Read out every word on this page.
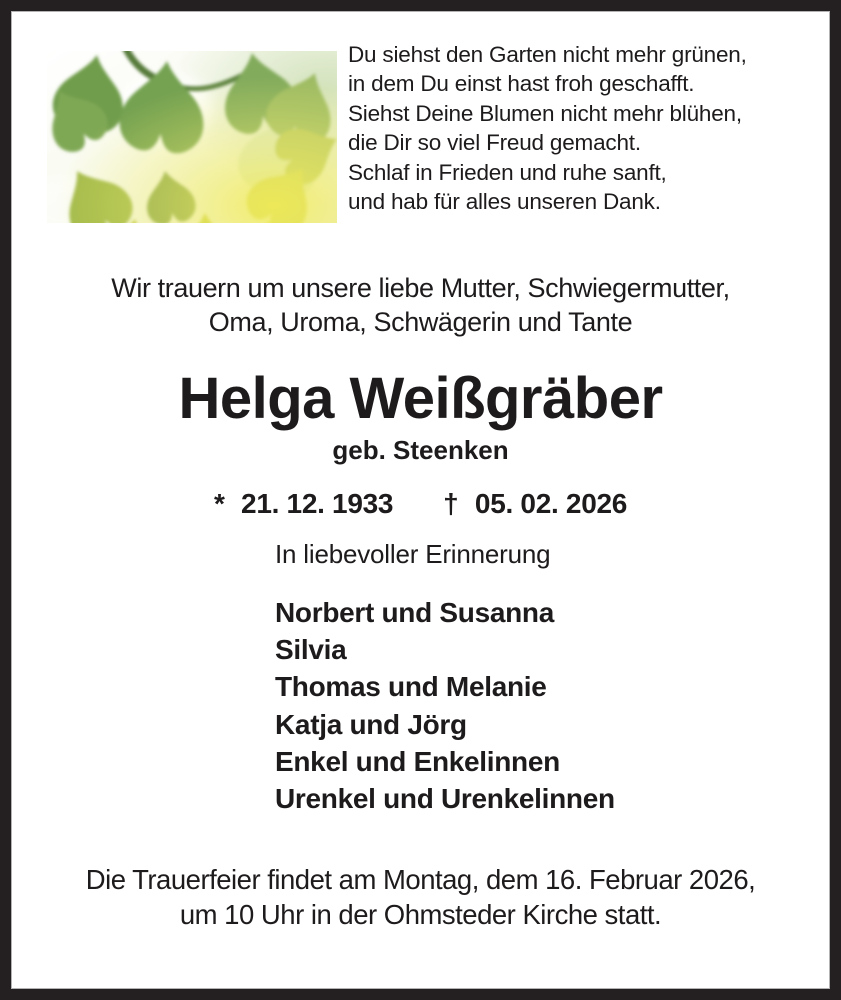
Du siehst den Garten nicht mehr grünen,
in dem Du einst hast froh geschafft.
Siehst Deine Blumen nicht mehr blühen,
die Dir so viel Freud gemacht.
Schlaf in Frieden und ruhe sanft,
und hab für alles unseren Dank.
Wir trauern um unsere liebe Mutter, Schwiegermutter,
Oma, Uroma, Schwägerin und Tante
Helga Weißgräber
geb. Steenken
* 21. 12. 1933 † 05. 02. 2026
In liebevoller Erinnerung
Norbert und Susanna
Silvia
Thomas und Melanie
Katja und Jörg
Enkel und Enkelinnen
Urenkel und Urenkelinnen
Die Trauerfeier findet am Montag, dem 16. Februar 2026,
um 10 Uhr in der Ohmsteder Kirche statt.
